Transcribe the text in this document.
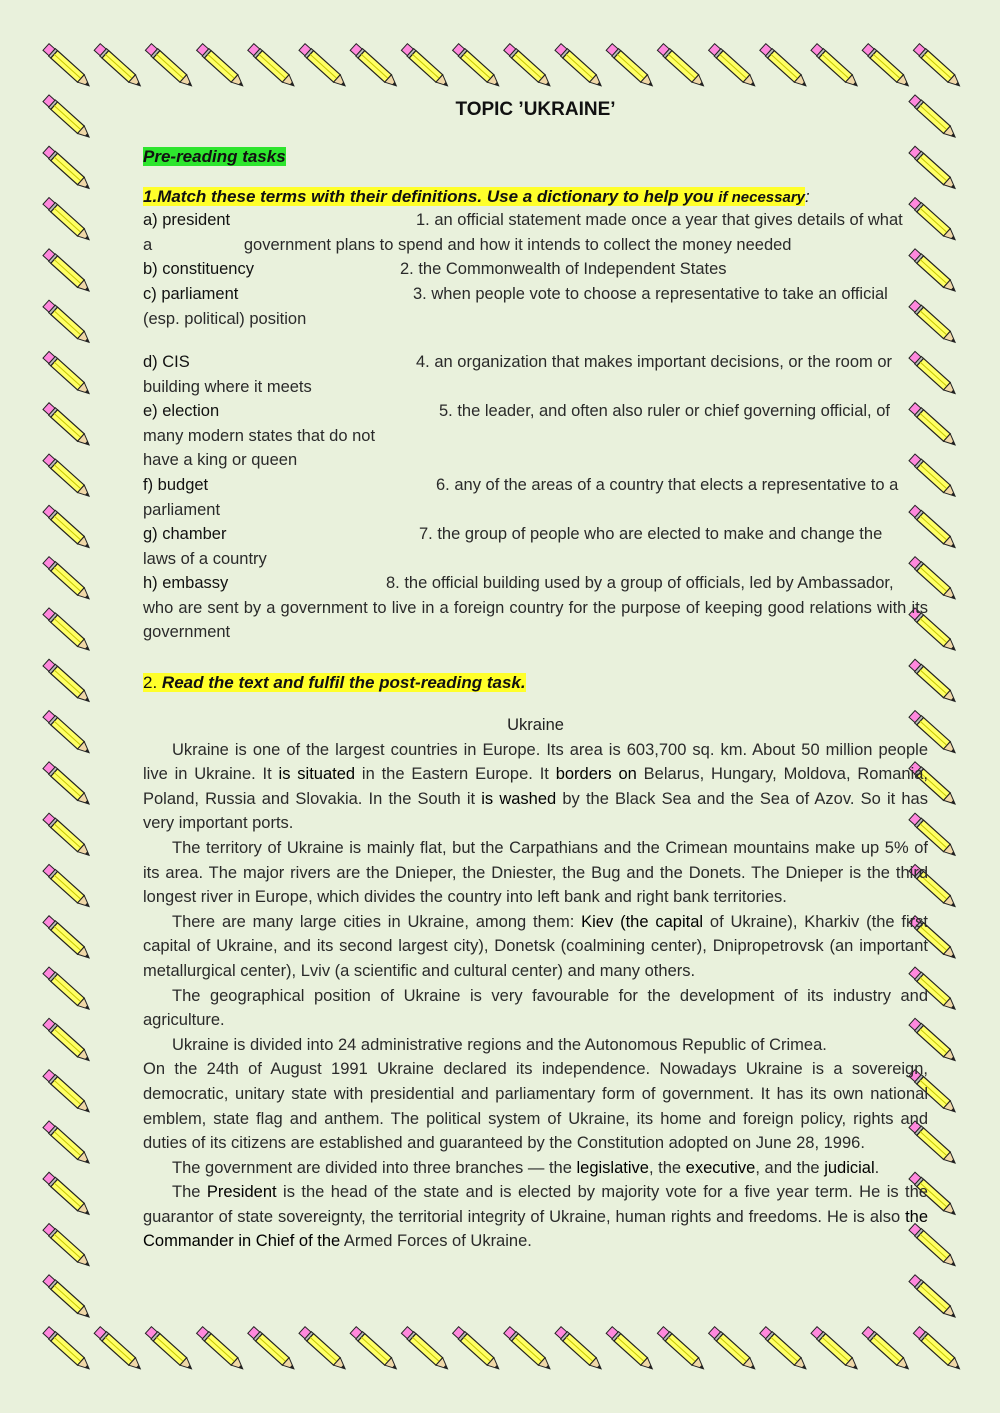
TOPIC ’UKRAINE’
Pre-reading tasks
1.Match these terms with their definitions. Use a dictionary to help you if necessary:
a) president	1. an official statement made once a year that gives details of what
a                    government plans to spend and how it intends to collect the money needed
b) constituency	2. the Commonwealth of Independent States
c) parliament	3. when people vote to choose a representative to take an official
(esp. political) position
d) CIS	4. an organization that makes important decisions, or the room or
building where it meets
e) election	5. the leader, and often also ruler or chief governing official, of
many modern states that do not have a king or queen
f) budget	6. any of the areas of a country that elects a representative to a
parliament
g) chamber	7. the group of people who are elected to make and change the
laws of a country
h) embassy	8. the official building used by a group of officials, led by Ambassador,
who are sent by a government to live in a foreign country for the purpose of keeping good relations with its government
2. Read the text and fulfil the post-reading task.
Ukraine

Ukraine is one of the largest countries in Europe. Its area is 603,700 sq. km. About 50 million people live in Ukraine. It is situated in the Eastern Europe. It borders on Belarus, Hungary, Moldova, Romania, Poland, Russia and Slovakia. In the South it is washed by the Black Sea and the Sea of Azov. So it has very important ports.

The territory of Ukraine is mainly flat, but the Carpathians and the Crimean mountains make up 5% of its area. The major rivers are the Dnieper, the Dniester, the Bug and the Donets. The Dnieper is the third longest river in Europe, which divides the country into left bank and right bank territories.

There are many large cities in Ukraine, among them: Kiev (the capital of Ukraine), Kharkiv (the first capital of Ukraine, and its second largest city), Donetsk (coalmining center), Dnipropetrovsk (an important metallurgical center), Lviv (a scientific and cultural center) and many others.

The geographical position of Ukraine is very favourable for the development of its industry and agriculture.

Ukraine is divided into 24 administrative regions and the Autonomous Republic of Crimea.

On the 24th of August 1991 Ukraine declared its independence. Nowadays Ukraine is a sovereign, democratic, unitary state with presidential and parliamentary form of government. It has its own national emblem, state flag and anthem. The political system of Ukraine, its home and foreign policy, rights and duties of its citizens are established and guaranteed by the Constitution adopted on June 28, 1996.

The government are divided into three branches — the legislative, the executive, and the judicial.

The President is the head of the state and is elected by majority vote for a five year term. He is the guarantor of state sovereignty, the territorial integrity of Ukraine, human rights and freedoms. He is also the Commander in Chief of the Armed Forces of Ukraine.
